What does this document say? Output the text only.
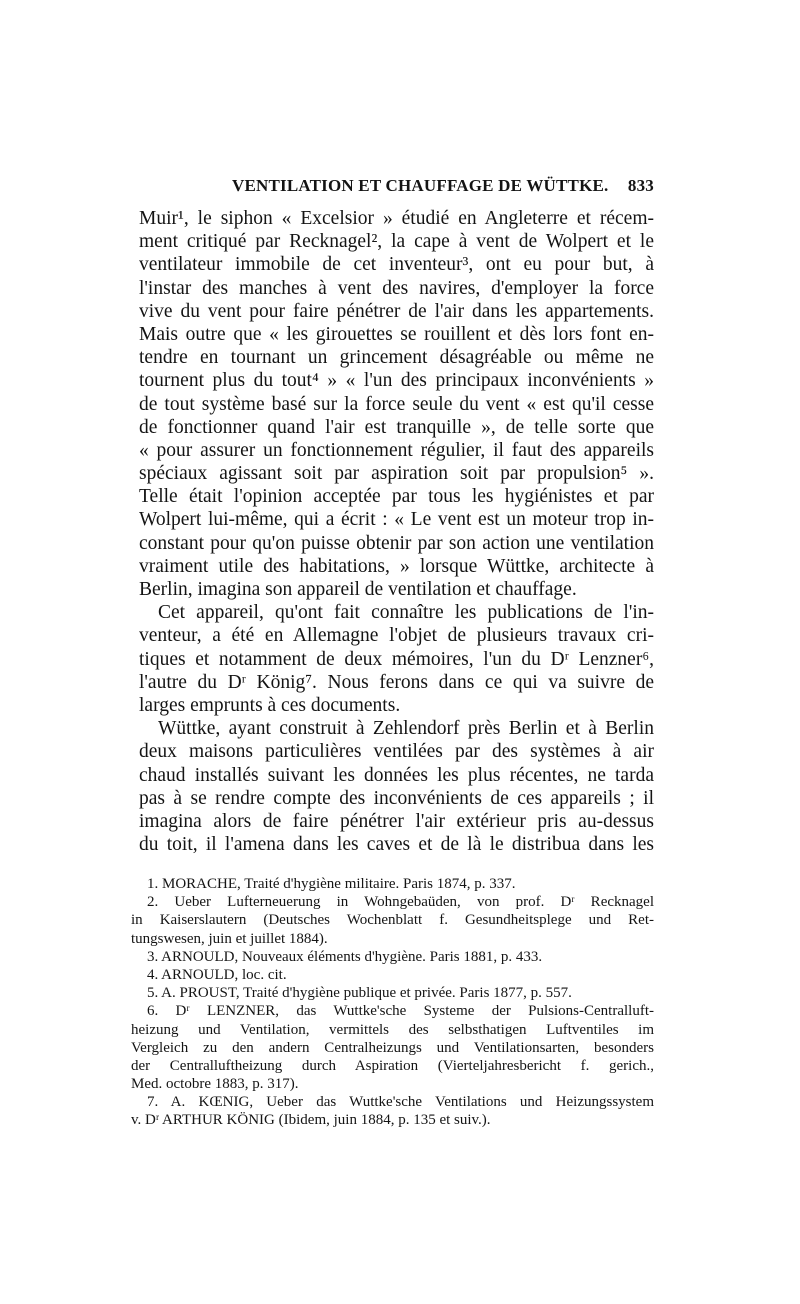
VENTILATION ET CHAUFFAGE DE WÜTTKE. 833
Muir¹, le siphon « Excelsior » étudié en Angleterre et récem-
ment critiqué par Recknagel², la cape à vent de Wolpert et le
ventilateur immobile de cet inventeur³, ont eu pour but, à
l'instar des manches à vent des navires, d'employer la force
vive du vent pour faire pénétrer de l'air dans les appartements.
Mais outre que « les girouettes se rouillent et dès lors font en-
tendre en tournant un grincement désagréable ou même ne
tournent plus du tout⁴ » « l'un des principaux inconvénients »
de tout système basé sur la force seule du vent « est qu'il cesse
de fonctionner quand l'air est tranquille », de telle sorte que
« pour assurer un fonctionnement régulier, il faut des appareils
spéciaux agissant soit par aspiration soit par propulsion⁵ ».
Telle était l'opinion acceptée par tous les hygiénistes et par
Wolpert lui-même, qui a écrit : « Le vent est un moteur trop in-
constant pour qu'on puisse obtenir par son action une ventilation
vraiment utile des habitations, » lorsque Wüttke, architecte à
Berlin, imagina son appareil de ventilation et chauffage.
Cet appareil, qu'ont fait connaître les publications de l'in-
venteur, a été en Allemagne l'objet de plusieurs travaux cri-
tiques et notamment de deux mémoires, l'un du Dʳ Lenzner⁶,
l'autre du Dʳ König⁷. Nous ferons dans ce qui va suivre de
larges emprunts à ces documents.
Wüttke, ayant construit à Zehlendorf près Berlin et à Berlin
deux maisons particulières ventilées par des systèmes à air
chaud installés suivant les données les plus récentes, ne tarda
pas à se rendre compte des inconvénients de ces appareils ; il
imagina alors de faire pénétrer l'air extérieur pris au-dessus
du toit, il l'amena dans les caves et de là le distribua dans les
1. MORACHE, Traité d'hygiène militaire. Paris 1874, p. 337.
2. Ueber Lufterneuerung in Wohngebaüden, von prof. Dʳ Recknagel
in Kaiserslautern (Deutsches Wochenblatt f. Gesundheitsplege und Ret-
tungswesen, juin et juillet 1884).
3. ARNOULD, Nouveaux éléments d'hygiène. Paris 1881, p. 433.
4. ARNOULD, loc. cit.
5. A. PROUST, Traité d'hygiène publique et privée. Paris 1877, p. 557.
6. Dʳ LENZNER, das Wuttke'sche Systeme der Pulsions-Centralluft-
heizung und Ventilation, vermittels des selbsthatigen Luftventiles im
Vergleich zu den andern Centralheizungs und Ventilationsarten, besonders
der Centralluftheizung durch Aspiration (Vierteljahresbericht f. gerich.,
Med. octobre 1883, p. 317).
7. A. KŒNIG, Ueber das Wuttke'sche Ventilations und Heizungssystem
v. Dʳ ARTHUR KÖNIG (Ibidem, juin 1884, p. 135 et suiv.).
